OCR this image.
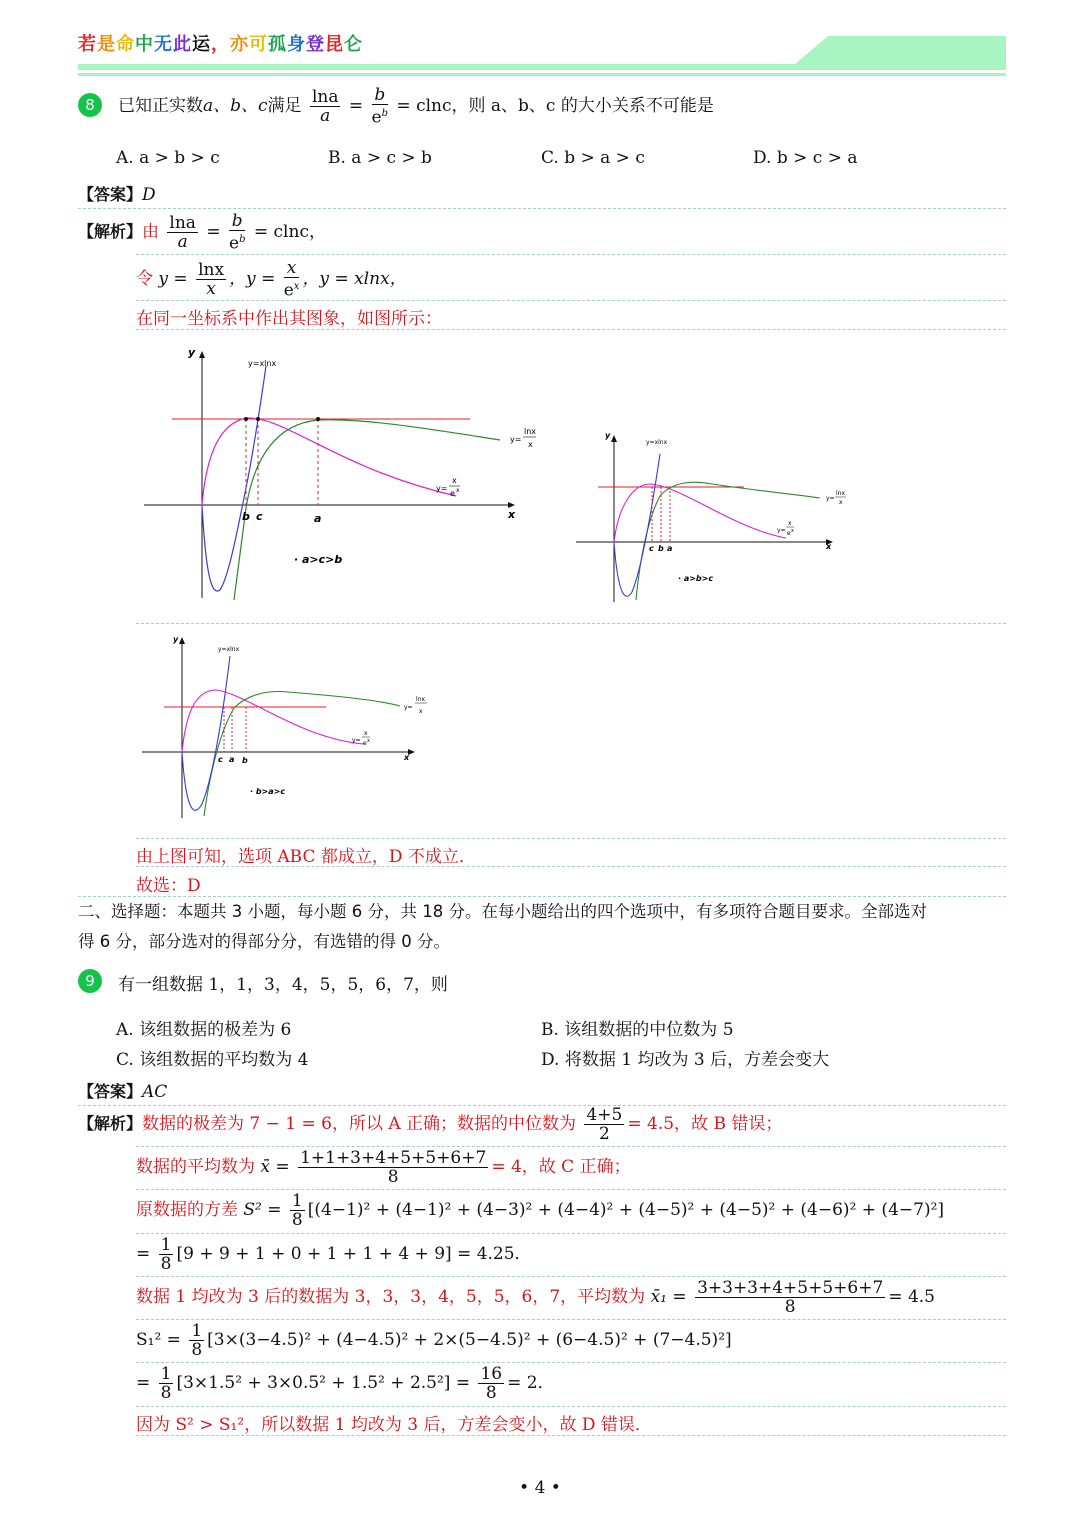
若是命中无此运，亦可孤身登昆仑
8	已知正实数a、b、c满足 $\frac{\ln a}{a} = \frac{b}{e^b} = clnc$，则 a、b、c 的大小关系不可能是
A. a > b > c	B. a > c > b	C. b > a > c	D. b > c > a
【答案】D
【解析】由 $\frac{\ln a}{a} = \frac{b}{e^b} = clnc$，
令 $y = \frac{\ln x}{x}$ ，$y = \frac{x}{e^x}$ ，y = xlnx，
在同一坐标系中作出其图象，如图所示：
y
x
y=xlnx
y=
lnx
x
y=
x
e x
b c	a
· a>c>b
y
x
y=xlnx
y=
lnx
x
y=
x
e x
c b a
· a>b>c
y
x
y=xlnx
y=
lnx
x
y=
x
e x
c a b
· b>a>c
由上图可知，选项 ABC 都成立，D 不成立．
故选：D
二、选择题：本题共 3 小题，每小题 6 分，共 18 分。在每小题给出的四个选项中，有多项符合题目要求。全部选对
得 6 分，部分选对的得部分分，有选错的得 0 分。
9	有一组数据 1，1，3，4，5，5，6，7，则
A. 该组数据的极差为 6	B. 该组数据的中位数为 5
C. 该组数据的平均数为 4	D. 将数据 1 均改为 3 后，方差会变大
【答案】AC
【解析】数据的极差为 7 − 1 = 6，所以 A 正确；数据的中位数为 $\frac{4+5}{2} = 4.5$，故 B 错误；
数据的平均数为 x̄ = $\frac{1+1+3+4+5+5+6+7}{8} = 4$，故 C 正确；
原数据的方差 $S^2 = \frac{1}{8} [(4-1)^2 + (4-1)^2 + (4-3)^2 + (4-4)^2 + (4-5)^2 + (4-5)^2 + (4-6)^2 + (4-7)^2]$
= $\frac{1}{8} [9 + 9 + 1 + 0 + 1 + 1 + 4 + 9] = 4.25$．
数据 1 均改为 3 后的数据为 3，3，3，4，5，5，6，7，平均数为 x̄₁ = $\frac{3+3+3+4+5+5+6+7}{8} = 4.5$
$S_1^2 = \frac{1}{8} [3\times(3-4.5)^2 + (4-4.5)^2 + 2\times(5-4.5)^2 + (6-4.5)^2 + (7-4.5)^2]$
= $\frac{1}{8} [3\times 1.5^2 + 3\times 0.5^2 + 1.5^2 + 2.5^2] = \frac{16}{8} = 2$．
因为 S² > S₁²，所以数据 1 均改为 3 后，方差会变小，故 D 错误．
• 4 •
